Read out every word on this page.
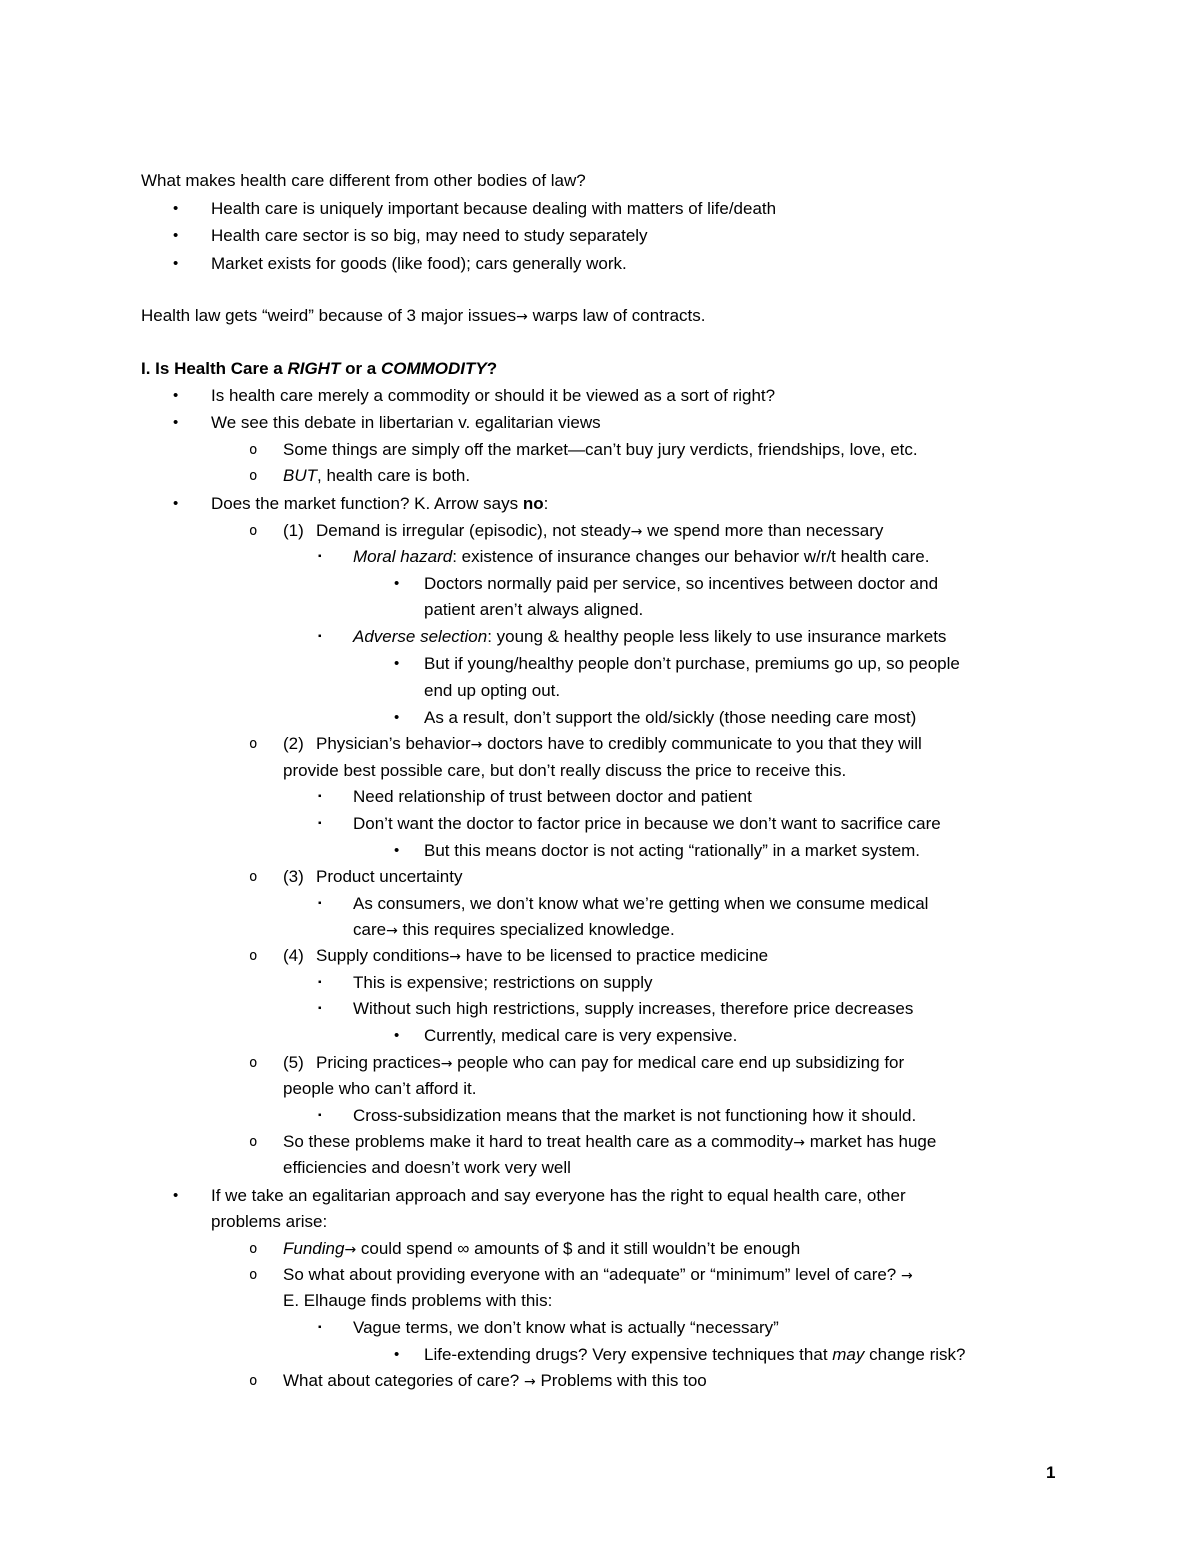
What makes health care different from other bodies of law?
• Health care is uniquely important because dealing with matters of life/death
• Health care sector is so big, may need to study separately
• Market exists for goods (like food); cars generally work.
Health law gets “weird” because of 3 major issues→ warps law of contracts.
I. Is Health Care a RIGHT or a COMMODITY?
• Is health care merely a commodity or should it be viewed as a sort of right?
• We see this debate in libertarian v. egalitarian views
o Some things are simply off the market—can’t buy jury verdicts, friendships, love, etc.
o BUT, health care is both.
• Does the market function? K. Arrow says no:
o (1) Demand is irregular (episodic), not steady→ we spend more than necessary
▪ Moral hazard: existence of insurance changes our behavior w/r/t health care.
• Doctors normally paid per service, so incentives between doctor and
patient aren’t always aligned.
▪ Adverse selection: young & healthy people less likely to use insurance markets
• But if young/healthy people don’t purchase, premiums go up, so people
end up opting out.
• As a result, don’t support the old/sickly (those needing care most)
o (2) Physician’s behavior→ doctors have to credibly communicate to you that they will
provide best possible care, but don’t really discuss the price to receive this.
▪ Need relationship of trust between doctor and patient
▪ Don’t want the doctor to factor price in because we don’t want to sacrifice care
• But this means doctor is not acting “rationally” in a market system.
o (3) Product uncertainty
▪ As consumers, we don’t know what we’re getting when we consume medical
care→ this requires specialized knowledge.
o (4) Supply conditions→ have to be licensed to practice medicine
▪ This is expensive; restrictions on supply
▪ Without such high restrictions, supply increases, therefore price decreases
• Currently, medical care is very expensive.
o (5) Pricing practices→ people who can pay for medical care end up subsidizing for
people who can’t afford it.
▪ Cross-subsidization means that the market is not functioning how it should.
o So these problems make it hard to treat health care as a commodity→ market has huge
efficiencies and doesn’t work very well
• If we take an egalitarian approach and say everyone has the right to equal health care, other
problems arise:
o Funding→ could spend ∞ amounts of $ and it still wouldn’t be enough
o So what about providing everyone with an “adequate” or “minimum” level of care? →
E. Elhauge finds problems with this:
▪ Vague terms, we don’t know what is actually “necessary”
• Life-extending drugs? Very expensive techniques that may change risk?
o What about categories of care? → Problems with this too
1
